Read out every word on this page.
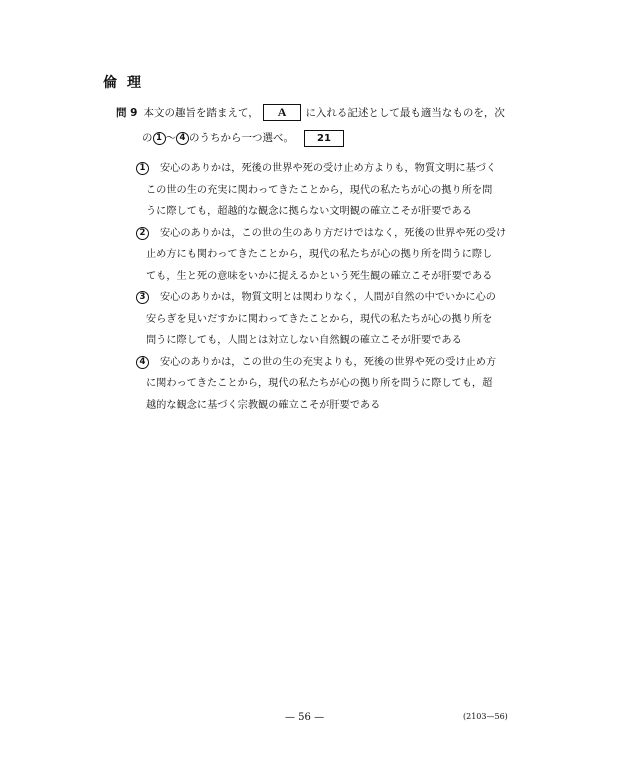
倫理
問 9 本文の趣旨を踏まえて， A に入れる記述として最も適当なものを，次
の 1 〜 4 のうちから一つ選べ。 21
1	安心のありかは，死後の世界や死の受け止め方よりも，物質文明に基づく
この世の生の充実に関わってきたことから，現代の私たちが心の拠り所を問
うに際しても，超越的な観念に拠らない文明観の確立こそが肝要である
2	安心のありかは，この世の生のあり方だけではなく，死後の世界や死の受け
止め方にも関わってきたことから，現代の私たちが心の拠り所を問うに際し
ても，生と死の意味をいかに捉えるかという死生観の確立こそが肝要である
3	安心のありかは，物質文明とは関わりなく，人間が自然の中でいかに心の
安らぎを見いだすかに関わってきたことから，現代の私たちが心の拠り所を
問うに際しても，人間とは対立しない自然観の確立こそが肝要である
4	安心のありかは，この世の生の充実よりも，死後の世界や死の受け止め方
に関わってきたことから，現代の私たちが心の拠り所を問うに際しても，超
越的な観念に基づく宗教観の確立こそが肝要である
— 56 —	(2103—56)
